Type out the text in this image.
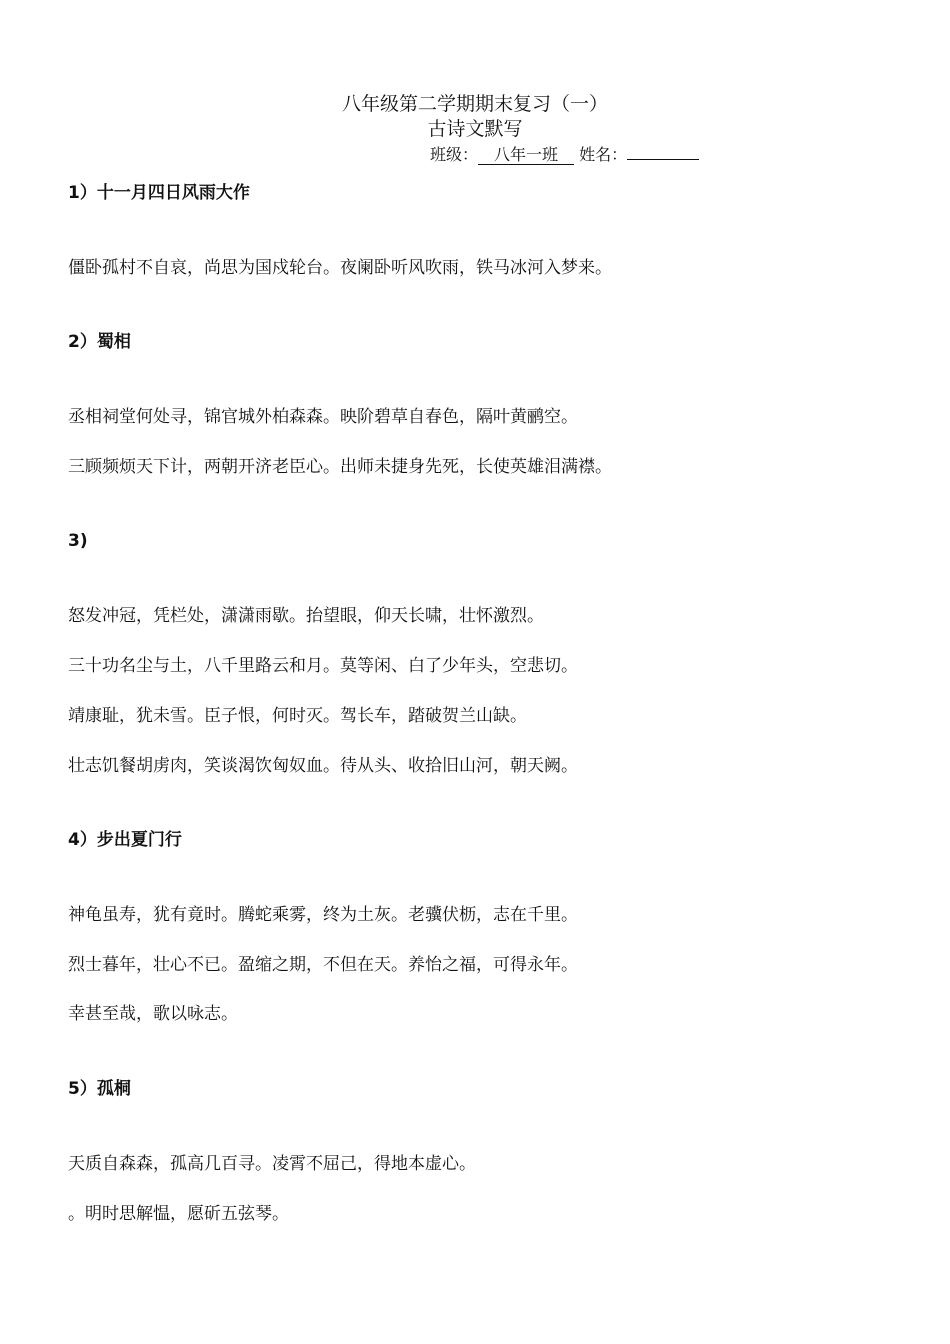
八年级第二学期期末复习（一）
古诗文默写
班级： 八年一班 姓名：
1）十一月四日风雨大作
僵卧孤村不自哀，尚思为国戍轮台。夜阑卧听风吹雨，铁马冰河入梦来。
2）蜀相
丞相祠堂何处寻，锦官城外柏森森。映阶碧草自春色，隔叶黄鹂空。
三顾频烦天下计，两朝开济老臣心。出师未捷身先死，长使英雄泪满襟。
3)
怒发冲冠，凭栏处，潇潇雨歇。抬望眼，仰天长啸，壮怀激烈。
三十功名尘与土，八千里路云和月。莫等闲、白了少年头，空悲切。
靖康耻，犹未雪。臣子恨，何时灭。驾长车，踏破贺兰山缺。
壮志饥餐胡虏肉，笑谈渴饮匈奴血。待从头、收拾旧山河，朝天阙。
4）步出夏门行
神龟虽寿，犹有竟时。腾蛇乘雾，终为土灰。老骥伏枥，志在千里。
烈士暮年，壮心不已。盈缩之期，不但在天。养怡之福，可得永年。
幸甚至哉，歌以咏志。
5）孤桐
天质自森森，孤高几百寻。凌霄不屈己，得地本虚心。
。明时思解愠，愿斫五弦琴。
